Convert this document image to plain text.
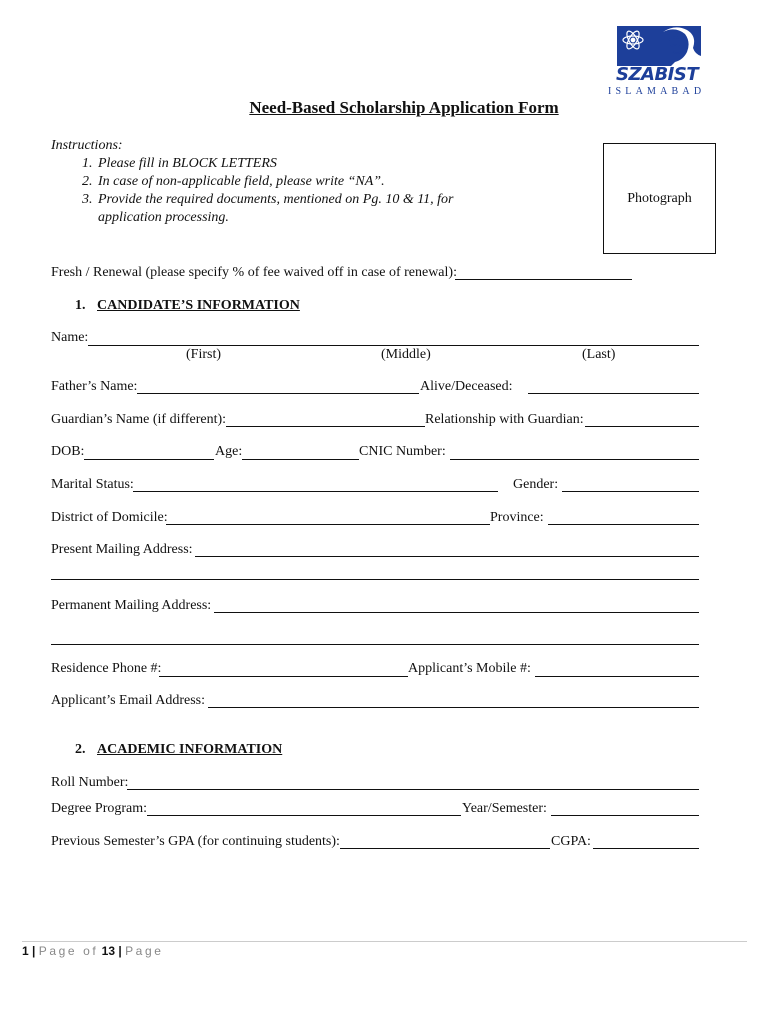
SZABIST
ISLAMABAD
Need-Based Scholarship Application Form
Instructions:
1. Please fill in BLOCK LETTERS
2. In case of non-applicable field, please write “NA”.
3. Provide the required documents, mentioned on Pg. 10 & 11, for application processing.
Photograph
Fresh / Renewal (please specify % of fee waived off in case of renewal):
1. CANDIDATE’S INFORMATION
Name:
(First)	(Middle)	(Last)
Father’s Name:	Alive/Deceased:
Guardian’s Name (if different):	Relationship with Guardian:
DOB:	Age:	CNIC Number:
Marital Status:	Gender:
District of Domicile:	Province:
Present Mailing Address:
Permanent Mailing Address:
Residence Phone #:	Applicant’s Mobile #:
Applicant’s Email Address:
2. ACADEMIC INFORMATION
Roll Number:
Degree Program:	Year/Semester:
Previous Semester’s GPA (for continuing students):	CGPA:
1 | Page of 13 | Page
